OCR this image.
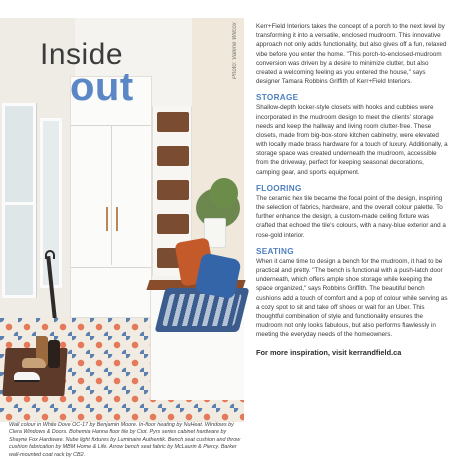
Inside
out
Photo: Valerie Wilcox
Wall colour in White Dove OC-17 by Benjamin Moore. In-floor heating by NuHeat. Windows by Clera Windows & Doors. Bohemia Hanna floor tile by Ciot. Pyrs series cabinet hardware by Shayne Fox Hardware. Nube light fixtures by Luminaire Authentik. Bench seat cushion and throw cushion fabrication by MBM Home & Life. Arrow bench seat fabric by McLaurin & Piercy. Barker wall-mounted coat rack by CB2.

Kerr+Field Interiors takes the concept of a porch to the next level by transforming it into a versatile, enclosed mudroom. This innovative approach not only adds functionality, but also gives off a fun, relaxed vibe before you enter the home. "This porch-to-enclosed-mudroom conversion was driven by a desire to minimize clutter, but also created a welcoming feeling as you entered the house," says designer Tamara Robbins Griffith of Kerr+Field Interiors.

STORAGE

Shallow-depth locker-style closets with hooks and cubbies were incorporated in the mudroom design to meet the clients' storage needs and keep the hallway and living room clutter-free. These closets, made from big-box-store kitchen cabinetry, were elevated with locally made brass hardware for a touch of luxury. Additionally, a storage space was created underneath the mudroom, accessible from the driveway, perfect for keeping seasonal decorations, camping gear, and sports equipment.

FLOORING

The ceramic hex tile became the focal point of the design, inspiring the selection of fabrics, hardware, and the overall colour palette. To further enhance the design, a custom-made ceiling fixture was crafted that echoed the tile's colours, with a navy-blue exterior and a rose-gold interior.

SEATING

When it came time to design a bench for the mudroom, it had to be practical and pretty. "The bench is functional with a push-latch door underneath, which offers ample shoe storage while keeping the space organized," says Robbins Griffith. The beautiful bench cushions add a touch of comfort and a pop of colour while serving as a cozy spot to sit and take off shoes or wait for an Uber. This thoughtful combination of style and functionality ensures the mudroom not only looks fabulous, but also performs flawlessly in meeting the everyday needs of the homeowners.

For more inspiration, visit kerrandfield.ca
